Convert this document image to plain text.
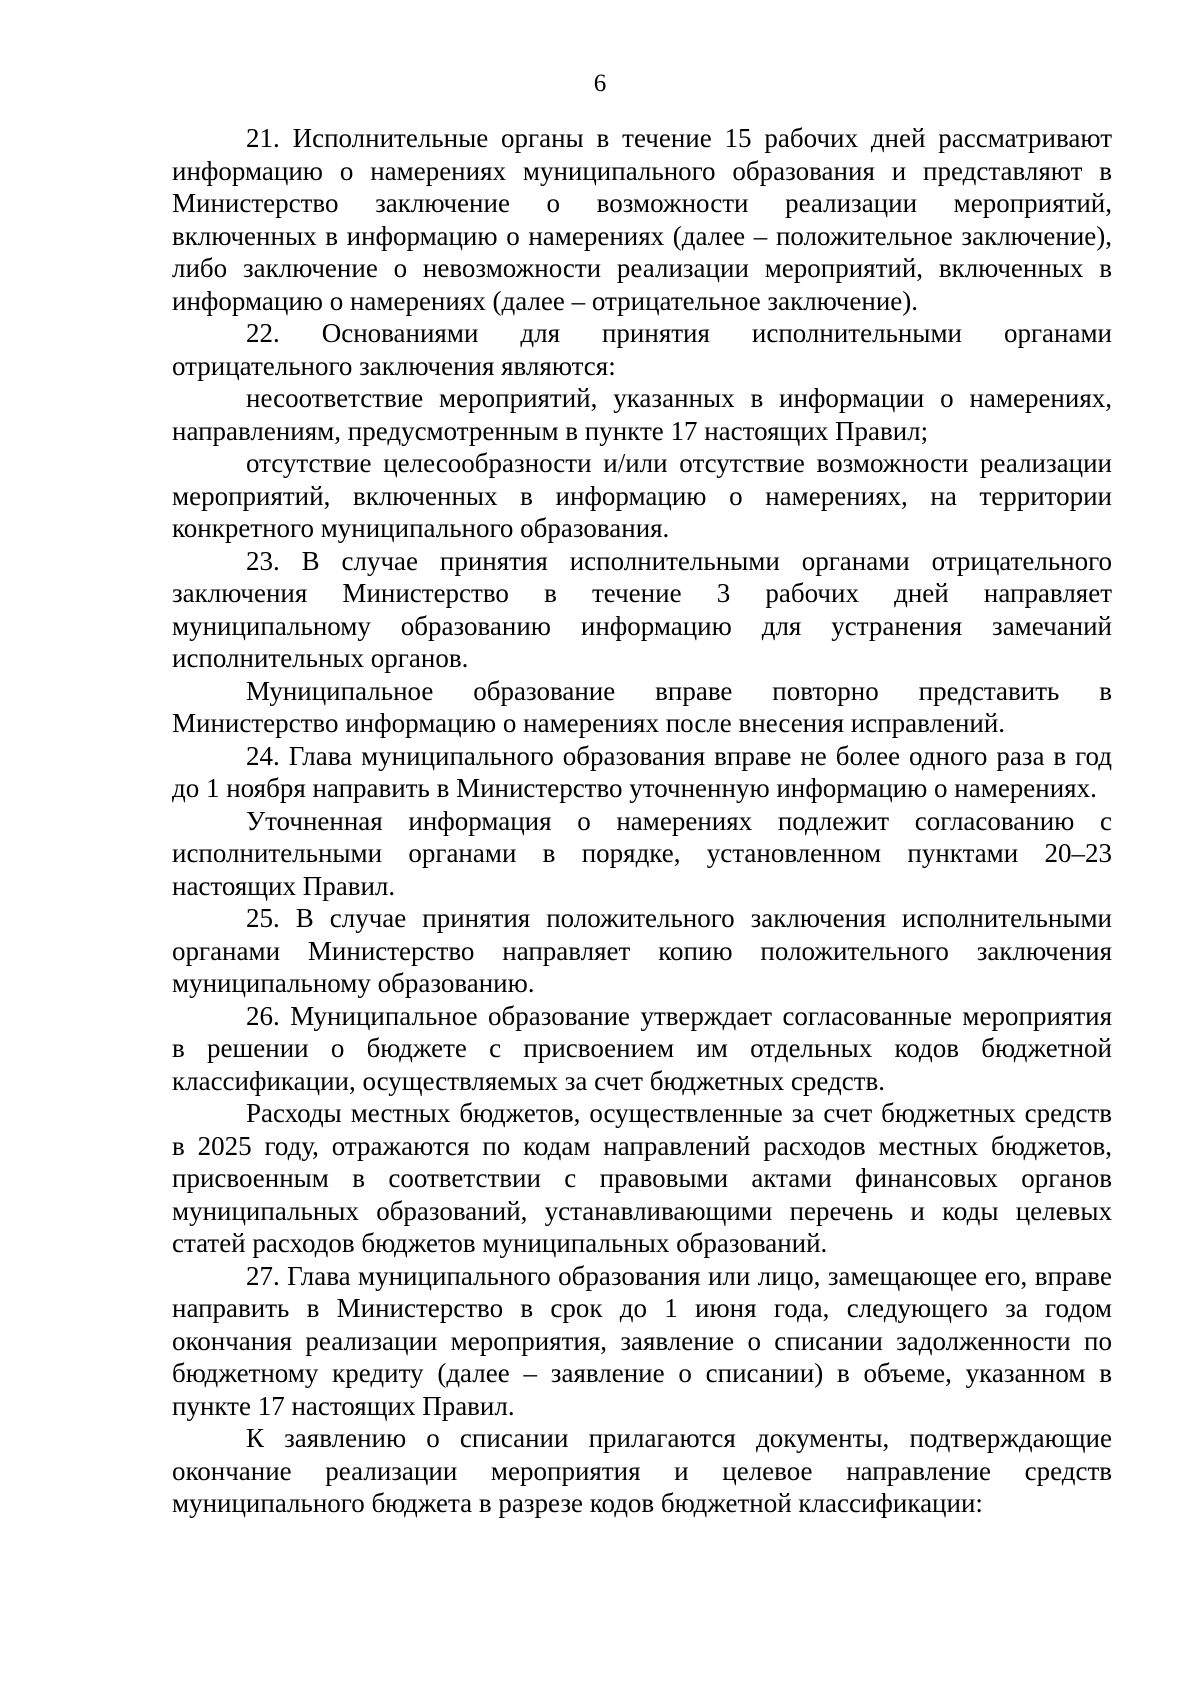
6

21. Исполнительные органы в течение 15 рабочих дней рассматривают информацию о намерениях муниципального образования и представляют в Министерство заключение о возможности реализации мероприятий, включенных в информацию о намерениях (далее – положительное заключение), либо заключение о невозможности реализации мероприятий, включенных в информацию о намерениях (далее – отрицательное заключение).

22. Основаниями для принятия исполнительными органами отрицательного заключения являются:

несоответствие мероприятий, указанных в информации о намерениях, направлениям, предусмотренным в пункте 17 настоящих Правил;

отсутствие целесообразности и/или отсутствие возможности реализации мероприятий, включенных в информацию о намерениях, на территории конкретного муниципального образования.

23. В случае принятия исполнительными органами отрицательного заключения Министерство в течение 3 рабочих дней направляет муниципальному образованию информацию для устранения замечаний исполнительных органов.

Муниципальное образование вправе повторно представить в Министерство информацию о намерениях после внесения исправлений.

24. Глава муниципального образования вправе не более одного раза в год до 1 ноября направить в Министерство уточненную информацию о намерениях.

Уточненная информация о намерениях подлежит согласованию с исполнительными органами в порядке, установленном пунктами 20–23 настоящих Правил.

25. В случае принятия положительного заключения исполнительными органами Министерство направляет копию положительного заключения муниципальному образованию.

26. Муниципальное образование утверждает согласованные мероприятия в решении о бюджете с присвоением им отдельных кодов бюджетной классификации, осуществляемых за счет бюджетных средств.

Расходы местных бюджетов, осуществленные за счет бюджетных средств в 2025 году, отражаются по кодам направлений расходов местных бюджетов, присвоенным в соответствии с правовыми актами финансовых органов муниципальных образований, устанавливающими перечень и коды целевых статей расходов бюджетов муниципальных образований.

27. Глава муниципального образования или лицо, замещающее его, вправе направить в Министерство в срок до 1 июня года, следующего за годом окончания реализации мероприятия, заявление о списании задолженности по бюджетному кредиту (далее – заявление о списании) в объеме, указанном в пункте 17 настоящих Правил.

К заявлению о списании прилагаются документы, подтверждающие окончание реализации мероприятия и целевое направление средств муниципального бюджета в разрезе кодов бюджетной классификации:
